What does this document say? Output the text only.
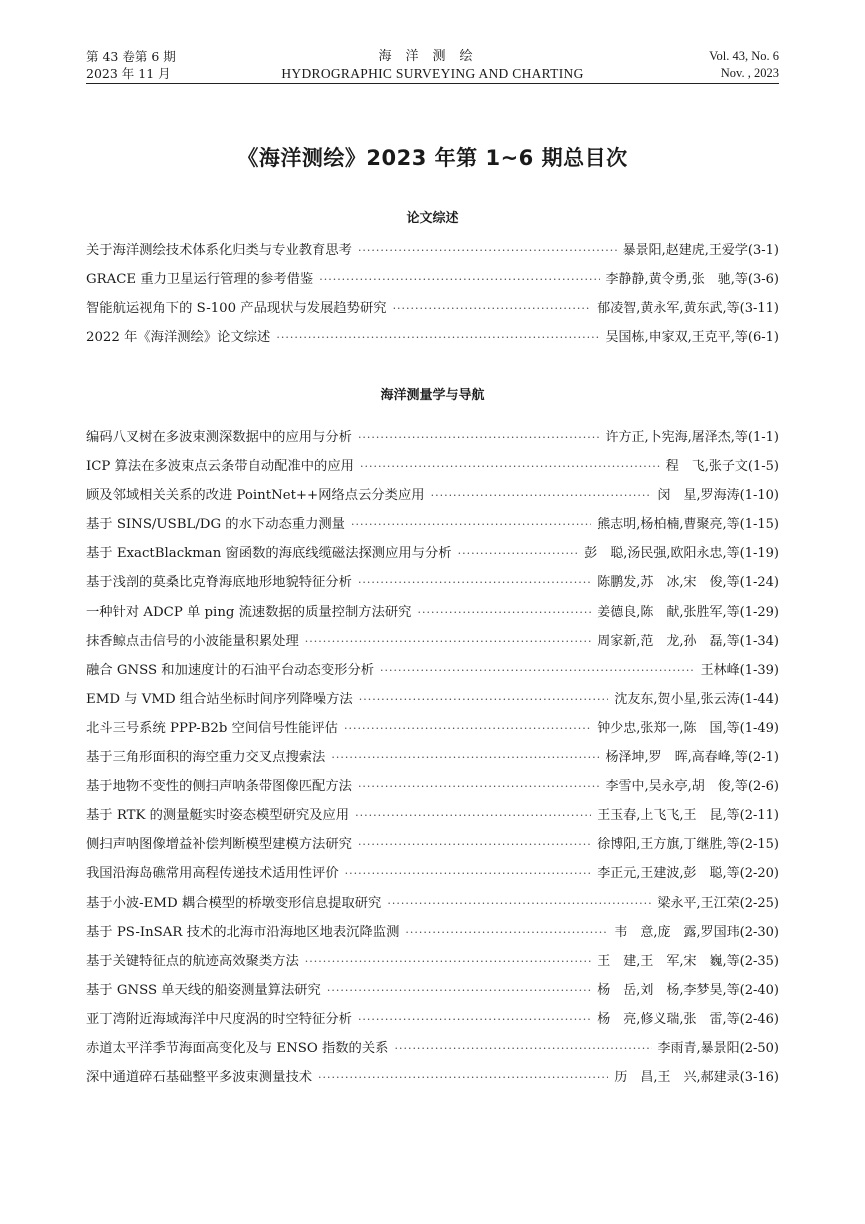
第 43 卷第 6 期
2023 年 11 月
海洋测绘
HYDROGRAPHIC SURVEYING AND CHARTING
Vol. 43, No. 6
Nov. , 2023
《海洋测绘》2023 年第 1~6 期总目次
论文综述
关于海洋测绘技术体系化归类与专业教育思考 ·····	暴景阳,赵建虎,王爱学(3-1)
GRACE 重力卫星运行管理的参考借鉴 ·····	李静静,黄令勇,张　驰,等(3-6)
智能航运视角下的 S-100 产品现状与发展趋势研究 ·····	郁凌智,黄永军,黄东武,等(3-11)
2022 年《海洋测绘》论文综述 ·····	吴国栋,申家双,王克平,等(6-1)
海洋测量学与导航
编码八叉树在多波束测深数据中的应用与分析 ·····	许方正,卜宪海,屠泽杰,等(1-1)
ICP 算法在多波束点云条带自动配准中的应用 ·····	程　飞,张子文(1-5)
顾及邻域相关关系的改进 PointNet++网络点云分类应用 ·····	闵　星,罗海涛(1-10)
基于 SINS/USBL/DG 的水下动态重力测量 ·····	熊志明,杨柏楠,曹聚亮,等(1-15)
基于 ExactBlackman 窗函数的海底线缆磁法探测应用与分析 ·····	彭　聪,汤民强,欧阳永忠,等(1-19)
基于浅剖的莫桑比克脊海底地形地貌特征分析 ·····	陈鹏发,苏　冰,宋　俊,等(1-24)
一种针对 ADCP 单 ping 流速数据的质量控制方法研究 ·····	姜德良,陈　献,张胜军,等(1-29)
抹香鲸点击信号的小波能量积累处理 ·····	周家新,范　龙,孙　磊,等(1-34)
融合 GNSS 和加速度计的石油平台动态变形分析 ·····	王林峰(1-39)
EMD 与 VMD 组合站坐标时间序列降噪方法 ·····	沈友东,贺小星,张云涛(1-44)
北斗三号系统 PPP-B2b 空间信号性能评估 ·····	钟少忠,张郑一,陈　国,等(1-49)
基于三角形面积的海空重力交叉点搜索法 ·····	杨泽坤,罗　晖,高春峰,等(2-1)
基于地物不变性的侧扫声呐条带图像匹配方法 ·····	李雪中,吴永亭,胡　俊,等(2-6)
基于 RTK 的测量艇实时姿态模型研究及应用 ·····	王玉春,上飞飞,王　昆,等(2-11)
侧扫声呐图像增益补偿判断模型建模方法研究 ·····	徐博阳,王方旗,丁继胜,等(2-15)
我国沿海岛礁常用高程传递技术适用性评价 ·····	李正元,王建波,彭　聪,等(2-20)
基于小波-EMD 耦合模型的桥墩变形信息提取研究 ·····	梁永平,王江荣(2-25)
基于 PS-InSAR 技术的北海市沿海地区地表沉降监测 ·····	韦　意,庞　露,罗国玮(2-30)
基于关键特征点的航迹高效聚类方法 ·····	王　建,王　军,宋　巍,等(2-35)
基于 GNSS 单天线的船姿测量算法研究 ·····	杨　岳,刘　杨,李梦昊,等(2-40)
亚丁湾附近海域海洋中尺度涡的时空特征分析 ·····	杨　亮,修义瑞,张　雷,等(2-46)
赤道太平洋季节海面高变化及与 ENSO 指数的关系 ·····	李雨青,暴景阳(2-50)
深中通道碎石基础整平多波束测量技术 ·····	历　昌,王　兴,郝建录(3-16)
